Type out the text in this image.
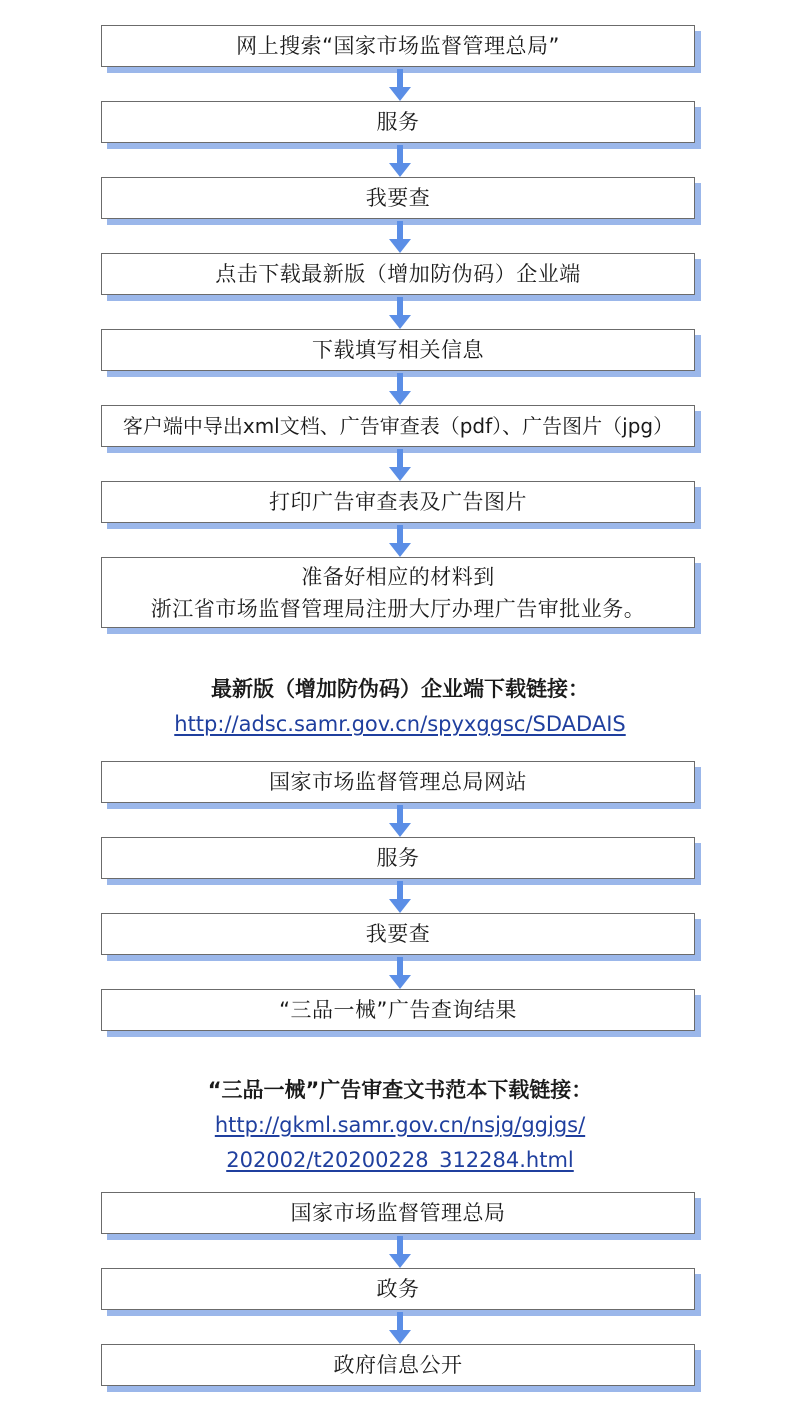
网上搜索“国家市场监督管理总局”
服务
我要查
点击下载最新版（增加防伪码）企业端
下载填写相关信息
客户端中导出xml文档、广告审查表（pdf）、广告图片（jpg）
打印广告审查表及广告图片
准备好相应的材料到
浙江省市场监督管理局注册大厅办理广告审批业务。
最新版（增加防伪码）企业端下载链接：
http://adsc.samr.gov.cn/spyxggsc/SDADAIS
国家市场监督管理总局网站
服务
我要查
“三品一械”广告查询结果
“三品一械”广告审查文书范本下载链接：
http://gkml.samr.gov.cn/nsjg/ggjgs/
202002/t20200228_312284.html
国家市场监督管理总局
政务
政府信息公开
